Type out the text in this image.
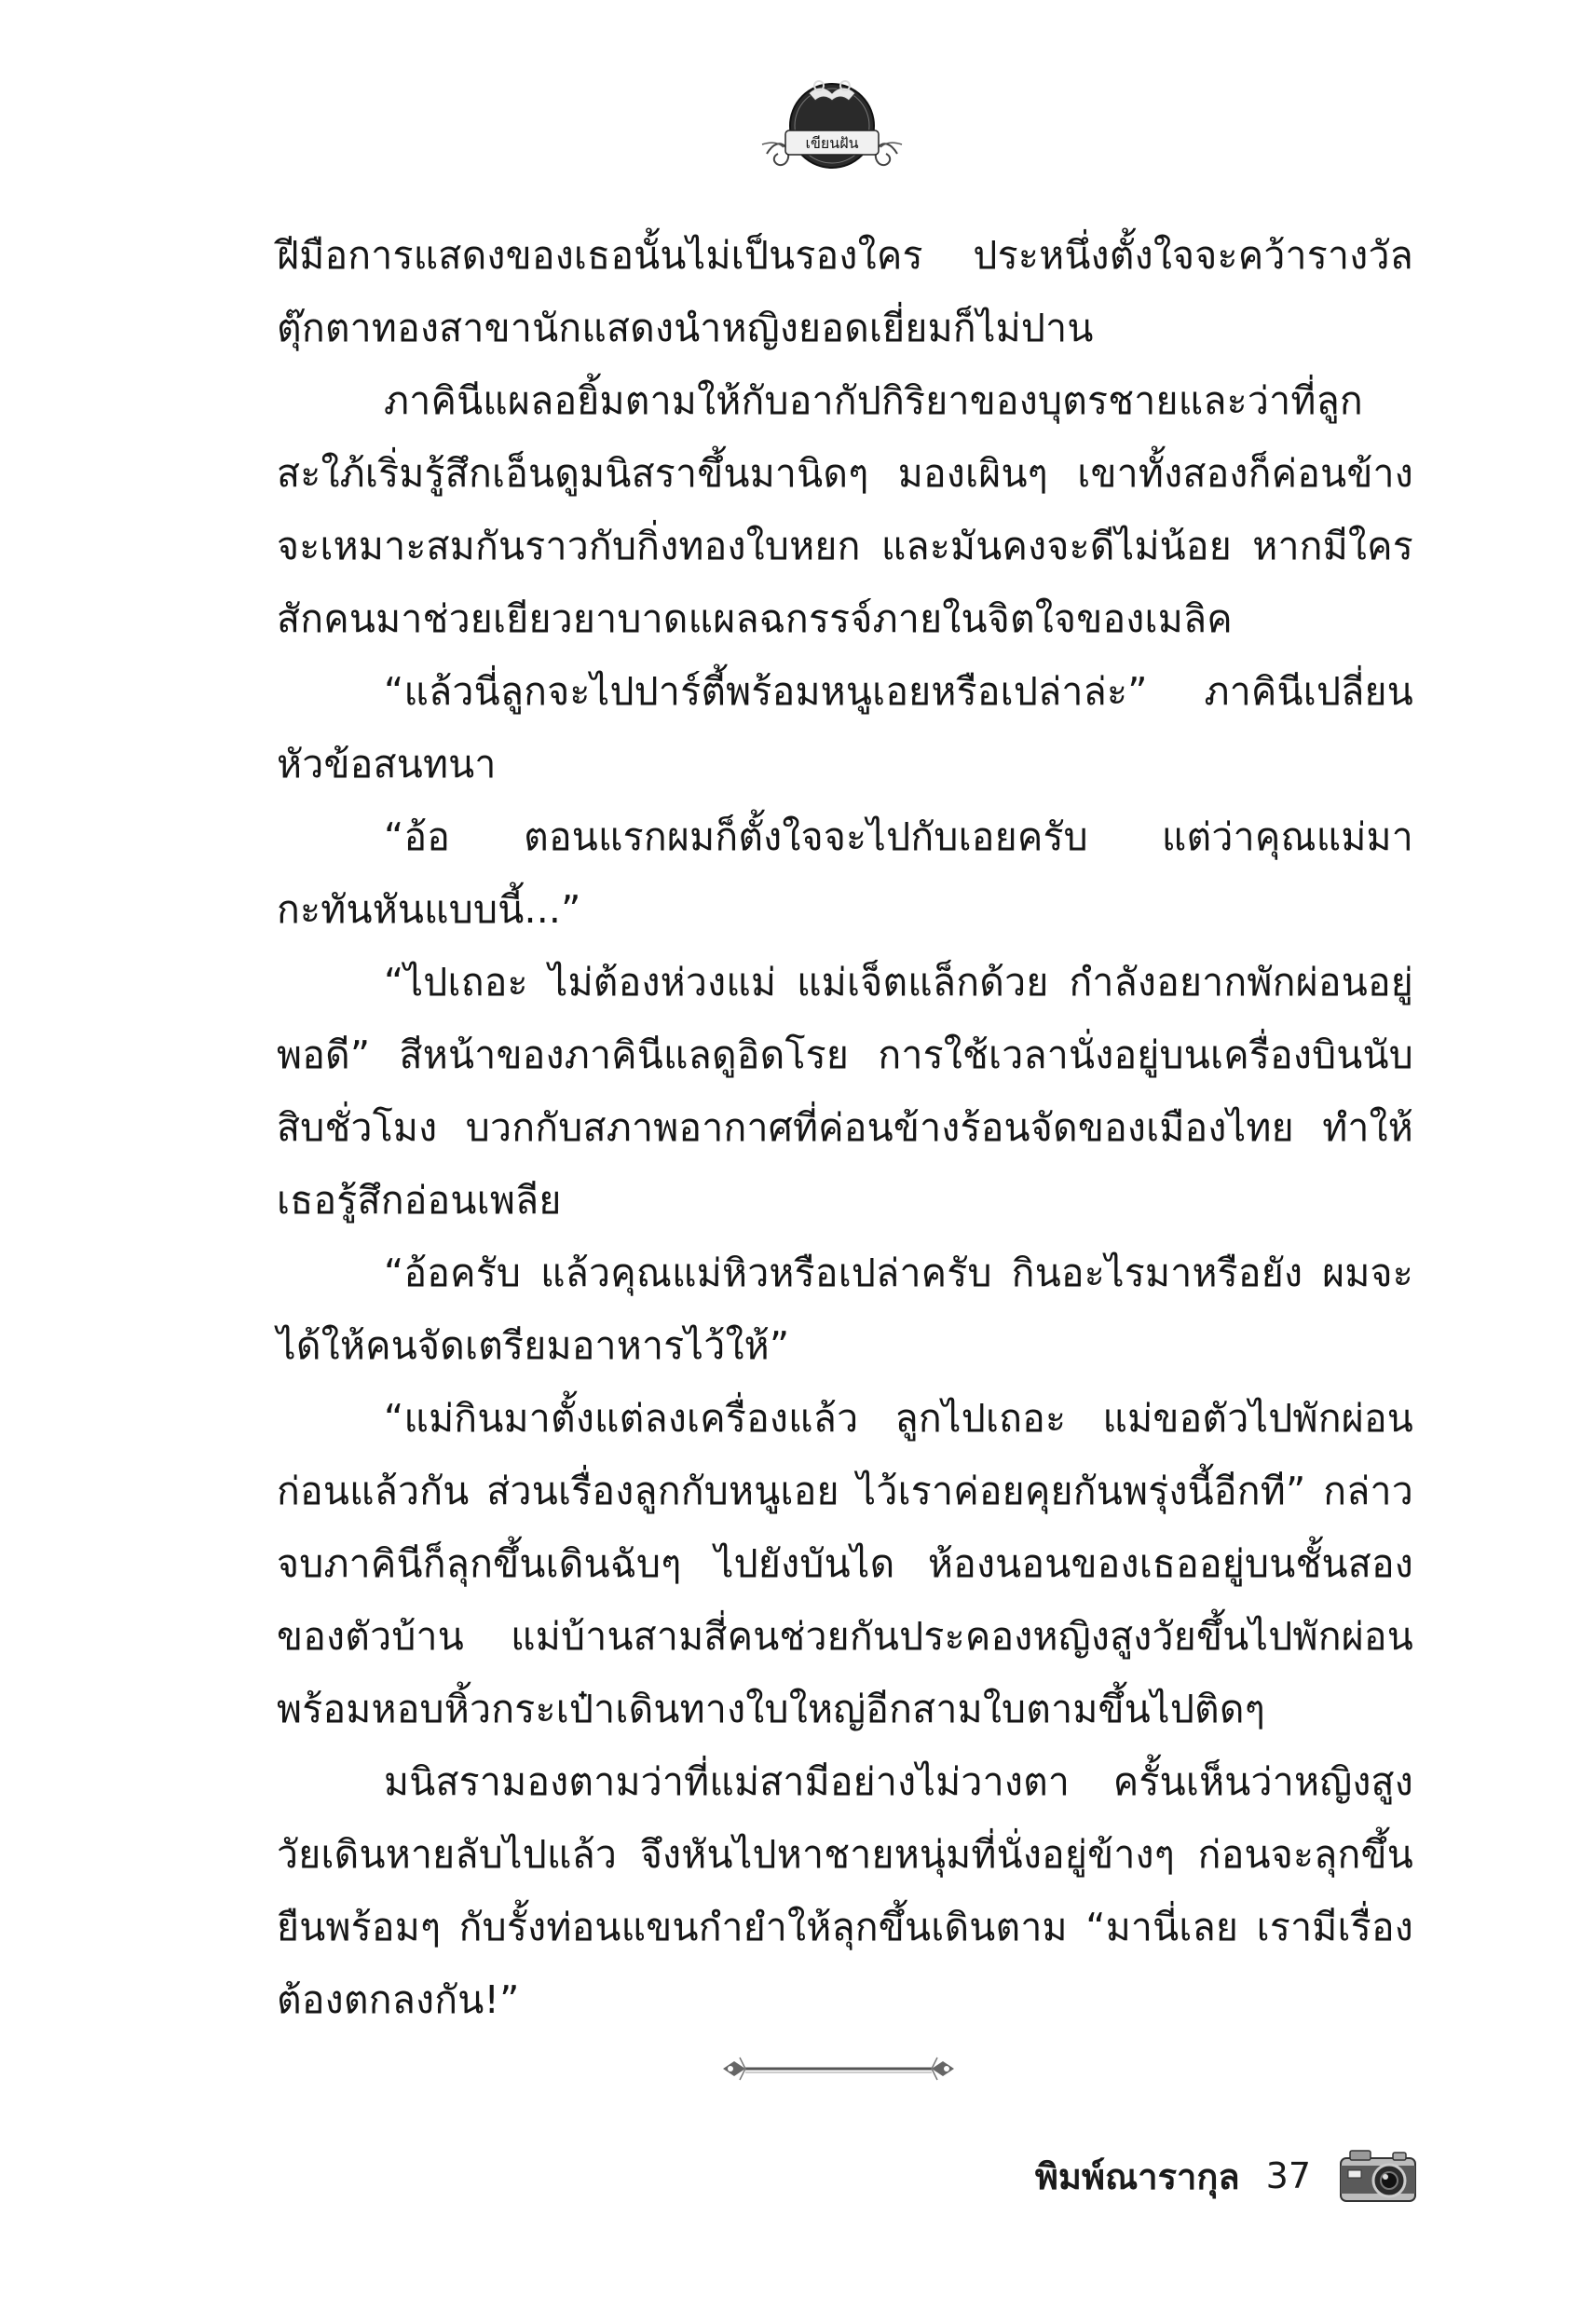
เขียนฝัน

ฝีมือการแสดงของเธอนั้นไม่เป็นรองใคร ประหนึ่งตั้งใจจะคว้ารางวัลตุ๊กตาทองสาขานักแสดงนำหญิงยอดเยี่ยมก็ไม่ปาน

ภาคินีแผลอยิ้มตามให้กับอากัปกิริยาของบุตรชายและว่าที่ลูกสะใภ้เริ่มรู้สึกเอ็นดูมนิสราขึ้นมานิดๆ มองเผินๆ เขาทั้งสองก็ค่อนข้างจะเหมาะสมกันราวกับกิ่งทองใบหยก และมันคงจะดีไม่น้อย หากมีใครสักคนมาช่วยเยียวยาบาดแผลฉกรรจ์ภายในจิตใจของเมลิค

“แล้วนี่ลูกจะไปปาร์ตี้พร้อมหนูเอยหรือเปล่าล่ะ” ภาคินีเปลี่ยนหัวข้อสนทนา

“อ้อ ตอนแรกผมก็ตั้งใจจะไปกับเอยครับ แต่ว่าคุณแม่มากะทันหันแบบนี้...”

“ไปเถอะ ไม่ต้องห่วงแม่ แม่เจ็ตแล็กด้วย กำลังอยากพักผ่อนอยู่พอดี” สีหน้าของภาคินีแลดูอิดโรย การใช้เวลานั่งอยู่บนเครื่องบินนับสิบชั่วโมง บวกกับสภาพอากาศที่ค่อนข้างร้อนจัดของเมืองไทย ทำให้เธอรู้สึกอ่อนเพลีย

“อ้อครับ แล้วคุณแม่หิวหรือเปล่าครับ กินอะไรมาหรือยัง ผมจะได้ให้คนจัดเตรียมอาหารไว้ให้”

“แม่กินมาตั้งแต่ลงเครื่องแล้ว ลูกไปเถอะ แม่ขอตัวไปพักผ่อนก่อนแล้วกัน ส่วนเรื่องลูกกับหนูเอย ไว้เราค่อยคุยกันพรุ่งนี้อีกที” กล่าวจบภาคินีก็ลุกขึ้นเดินฉับๆ ไปยังบันได ห้องนอนของเธออยู่บนชั้นสองของตัวบ้าน แม่บ้านสามสี่คนช่วยกันประคองหญิงสูงวัยขึ้นไปพักผ่อน พร้อมหอบหิ้วกระเป๋าเดินทางใบใหญ่อีกสามใบตามขึ้นไปติดๆ

มนิสรามองตามว่าที่แม่สามีอย่างไม่วางตา ครั้นเห็นว่าหญิงสูงวัยเดินหายลับไปแล้ว จึงหันไปหาชายหนุ่มที่นั่งอยู่ข้างๆ ก่อนจะลุกขึ้นยืนพร้อมๆ กับรั้งท่อนแขนกำยำให้ลุกขึ้นเดินตาม “มานี่เลย เรามีเรื่องต้องตกลงกัน!”

พิมพ์ณารากุล 37
